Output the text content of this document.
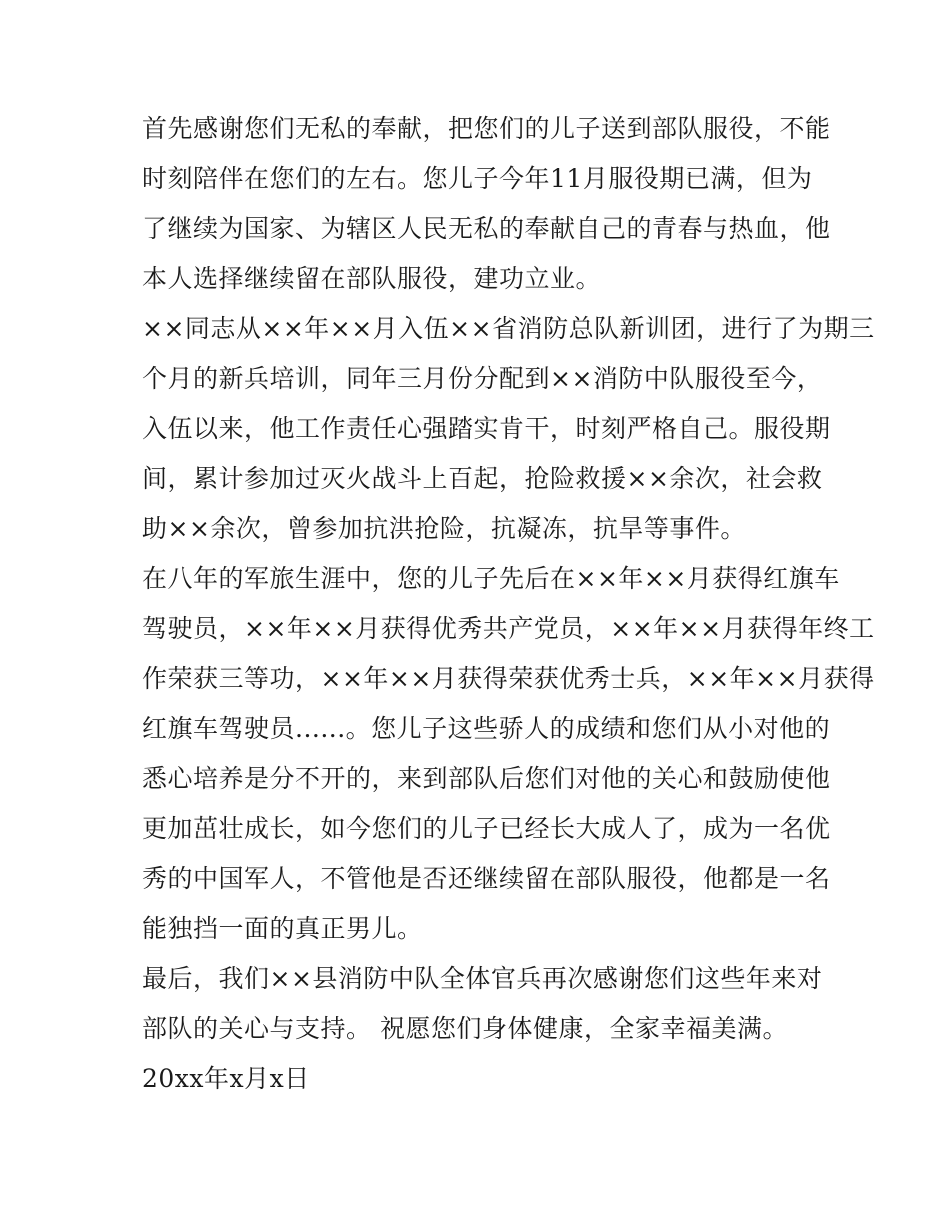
首先感谢您们无私的奉献，把您们的儿子送到部队服役，不能
时刻陪伴在您们的左右。您儿子今年11月服役期已满，但为
了继续为国家、为辖区人民无私的奉献自己的青春与热血，他
本人选择继续留在部队服役，建功立业。
××同志从××年××月入伍××省消防总队新训团，进行了为期三
个月的新兵培训，同年三月份分配到××消防中队服役至今，
入伍以来，他工作责任心强踏实肯干，时刻严格自己。服役期
间，累计参加过灭火战斗上百起，抢险救援××余次，社会救
助××余次，曾参加抗洪抢险，抗凝冻，抗旱等事件。
在八年的军旅生涯中，您的儿子先后在××年××月获得红旗车
驾驶员，××年××月获得优秀共产党员，××年××月获得年终工
作荣获三等功，××年××月获得荣获优秀士兵，××年××月获得
红旗车驾驶员......。您儿子这些骄人的成绩和您们从小对他的
悉心培养是分不开的，来到部队后您们对他的关心和鼓励使他
更加茁壮成长，如今您们的儿子已经长大成人了，成为一名优
秀的中国军人，不管他是否还继续留在部队服役，他都是一名
能独挡一面的真正男儿。
最后，我们××县消防中队全体官兵再次感谢您们这些年来对
部队的关心与支持。 祝愿您们身体健康，全家幸福美满。
20xx年x月x日
